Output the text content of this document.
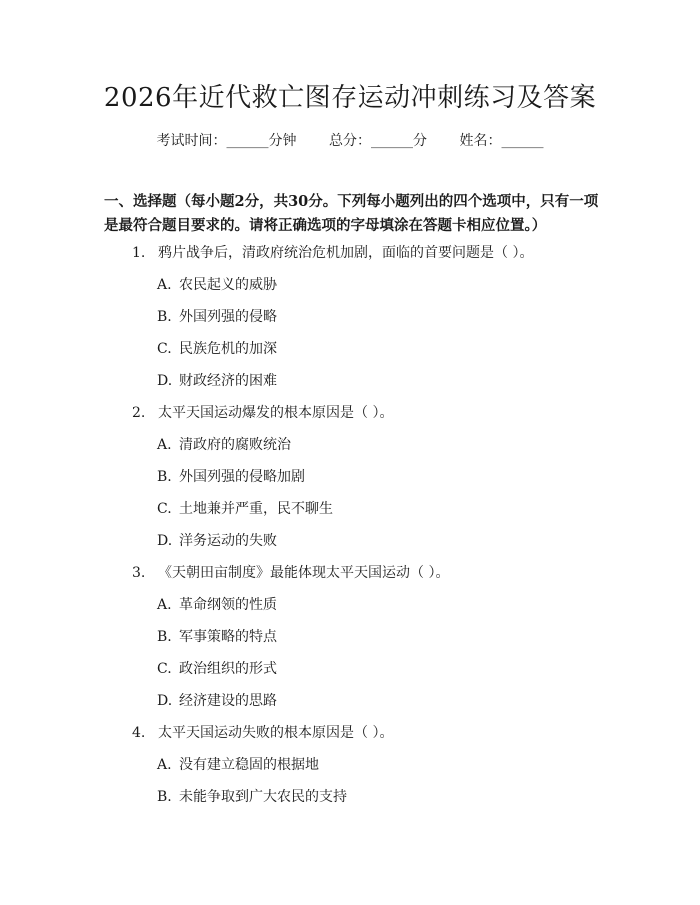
2026年近代救亡图存运动冲刺练习及答案
考试时间：______分钟 总分：______分 姓名：______
一、选择题（每小题2分，共30分。下列每小题列出的四个选项中，只有一项是最符合题目要求的。请将正确选项的字母填涂在答题卡相应位置。）
1. 鸦片战争后，清政府统治危机加剧，面临的首要问题是（ ）。
A. 农民起义的威胁
B. 外国列强的侵略
C. 民族危机的加深
D. 财政经济的困难
2. 太平天国运动爆发的根本原因是（ ）。
A. 清政府的腐败统治
B. 外国列强的侵略加剧
C. 土地兼并严重，民不聊生
D. 洋务运动的失败
3. 《天朝田亩制度》最能体现太平天国运动（ ）。
A. 革命纲领的性质
B. 军事策略的特点
C. 政治组织的形式
D. 经济建设的思路
4. 太平天国运动失败的根本原因是（ ）。
A. 没有建立稳固的根据地
B. 未能争取到广大农民的支持
